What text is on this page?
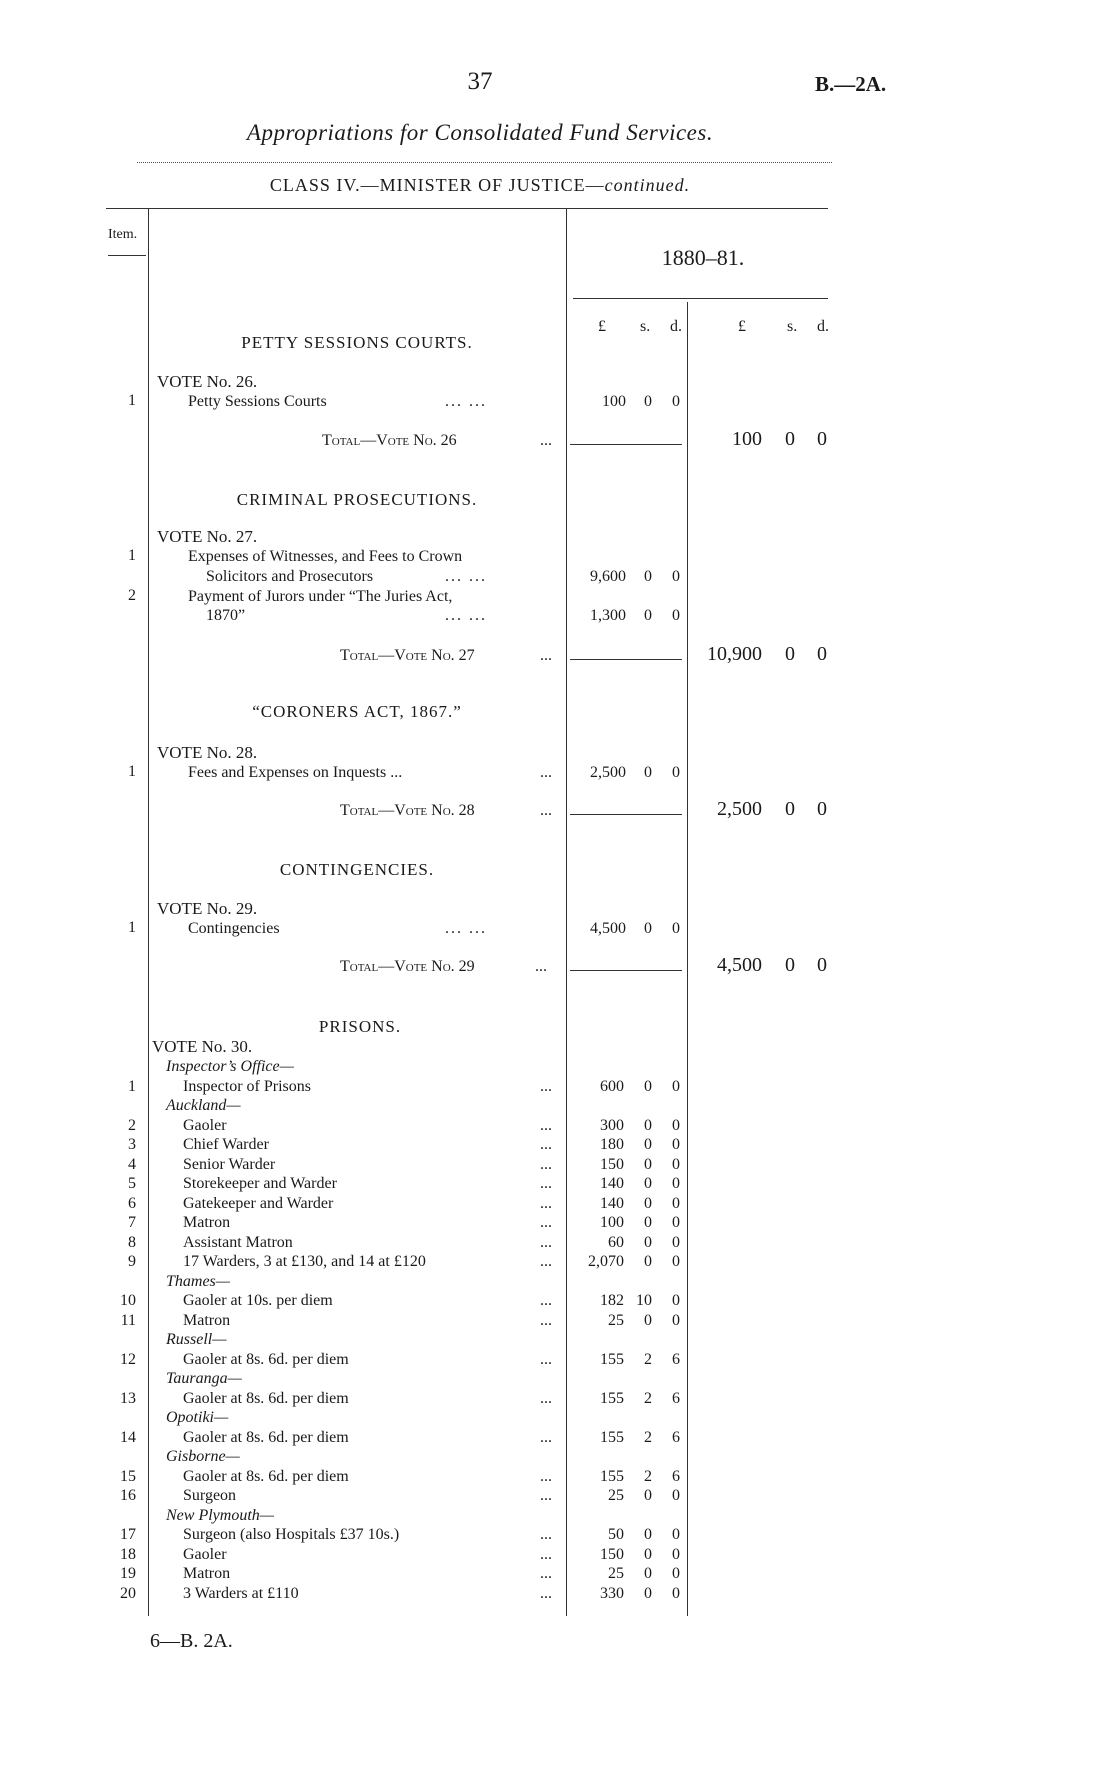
37	B.—2A.
Appropriations for Consolidated Fund Services.
CLASS IV.—MINISTER OF JUSTICE—continued.
Item.
1880–81.
£ s. d.	£	s. d.
PETTY SESSIONS COURTS.
VOTE No. 26.
1	Petty Sessions Courts	... ...	100 0 0
Total—Vote No. 26	...	100 0 0
CRIMINAL PROSECUTIONS.
VOTE No. 27.
1	Expenses of Witnesses, and Fees to Crown
Solicitors and Prosecutors	... ...	9,600 0 0
2	Payment of Jurors under “The Juries Act,
1870”	... ...	1,300 0 0
Total—Vote No. 27	...	10,900 0 0
“CORONERS ACT, 1867.”
VOTE No. 28.
1	Fees and Expenses on Inquests ...	...	2,500 0 0
Total—Vote No. 28	...	2,500 0 0
CONTINGENCIES.
VOTE No. 29.
1	Contingencies	... ...	4,500 0 0
Total—Vote No. 29	...	4,500 0 0
PRISONS.
VOTE No. 30.
Inspector’s Office—
1	Inspector of Prisons	...	600	0 0
Auckland—
2	Gaoler	...	300	0 0
3	Chief Warder	...	180	0 0
4	Senior Warder	...	150	0 0
5	Storekeeper and Warder	...	140	0 0
6	Gatekeeper and Warder	...	140	0 0
7	Matron	...	100	0 0
8	Assistant Matron	...	60	0 0
9	17 Warders, 3 at £130, and 14 at £120	...	2,070	0 0
Thames—
10	Gaoler at 10s. per diem	...	182 10 0
11	Matron	...	25	0 0
Russell—
12	Gaoler at 8s. 6d. per diem	...	155	2 6
Tauranga—
13	Gaoler at 8s. 6d. per diem	...	155	2 6
Opotiki—
14	Gaoler at 8s. 6d. per diem	...	155	2 6
Gisborne—
15	Gaoler at 8s. 6d. per diem	...	155	2 6
16	Surgeon	...	25	0 0
New Plymouth—
17	Surgeon (also Hospitals £37 10s.)	...	50	0 0
18	Gaoler	...	150	0 0
19	Matron	...	25	0 0
20	3 Warders at £110	...	330	0 0
6—B. 2A.
